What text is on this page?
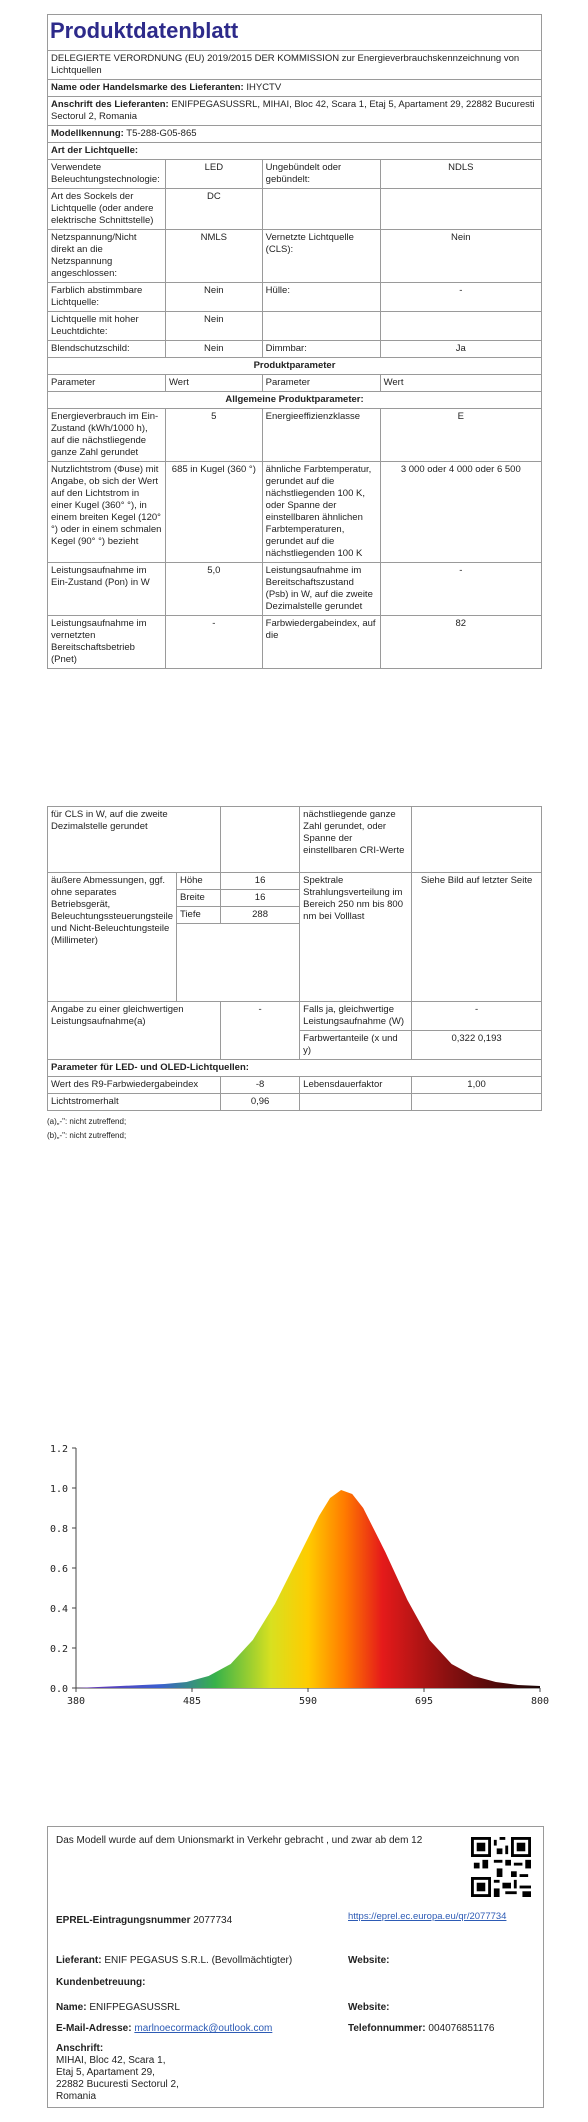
Produktdatenblatt
DELEGIERTE VERORDNUNG (EU) 2019/2015 DER KOMMISSION zur Energieverbrauchskennzeichnung von Lichtquellen
Name oder Handelsmarke des Lieferanten: IHYCTV			
Anschrift des Lieferanten: ENIFPEGASUSSRL, MIHAI, Bloc 42, Scara 1, Etaj 5, Apartament 29, 22882 Bucuresti Sectorul 2, Romania			
Modellkennung: T5-288-G05-865			
Art der Lichtquelle:			
Verwendete Beleuchtungstechnologie:	LED	Ungebündelt oder gebündelt:	NDLS
Art des Sockels der Lichtquelle (oder andere elektrische Schnittstelle)	DC		
Netzspannung/Nicht direkt an die Netzspannung angeschlossen:	NMLS	Vernetzte Lichtquelle (CLS):	Nein
Farblich abstimmbare Lichtquelle:	Nein	Hülle:	-
Lichtquelle mit hoher Leuchtdichte:	Nein		
Blendschutzschild:	Nein	Dimmbar:	Ja
Produktparameter			
Parameter	Wert	Parameter	Wert
Allgemeine Produktparameter:			
Energieverbrauch im Ein-Zustand (kWh/1000 h), auf die nächstliegende ganze Zahl gerundet	5	Energieeffizienzklasse	E
Nutzlichtstrom (Φuse) mit Angabe, ob sich der Wert auf den Lichtstrom in einer Kugel (360° °), in einem breiten Kegel (120° °) oder in einem schmalen Kegel (90° °) bezieht	685 in Kugel (360 °)	ähnliche Farbtemperatur, gerundet auf die nächstliegenden 100 K, oder Spanne der einstellbaren ähnlichen Farbtemperaturen, gerundet auf die nächstliegenden 100 K	3 000 oder 4 000 oder 6 500
Leistungsaufnahme im Ein-Zustand (Pon) in W	5,0	Leistungsaufnahme im Bereitschaftszustand (Psb) in W, auf die zweite Dezimalstelle gerundet	-
Leistungsaufnahme im vernetzten Bereitschaftsbetrieb (Pnet)	-	Farbwiedergabeindex, auf die	82
für CLS in W, auf die zweite Dezimalstelle gerundet			nächstliegende ganze Zahl gerundet, oder Spanne der einstellbaren CRI-Werte	
äußere Abmessungen, ggf. ohne separates Betriebsgerät, Beleuchtungssteuerungsteile und Nicht-Beleuchtungsteile (Millimeter)	Höhe	16	Spektrale Strahlungsverteilung im Bereich 250 nm bis 800 nm bei Volllast	Siehe Bild auf letzter Seite
	Breite	16		
	Tiefe	288		

Angabe zu einer gleichwertigen Leistungsaufnahme(a)		-	Falls ja, gleichwertige Leistungsaufnahme (W)	-
			Farbwertanteile (x und y)	0,322 0,193
Parameter für LED- und OLED-Lichtquellen:				
Wert des R9-Farbwiedergabeindex		-8	Lebensdauerfaktor	1,00
Lichtstromerhalt		0,96		
(a)„-": nicht zutreffend;
(b)„-": nicht zutreffend;
380	485	590	695	800
0.0
0.2
0.4
0.6
0.8
1.0
1.2
Das Modell wurde auf dem Unionsmarkt in Verkehr gebracht , und zwar ab dem 12
EPREL-Eintragungsnummer 2077734	https://eprel.ec.europa.eu/qr/2077734
Lieferant: ENIF PEGASUS S.R.L. (Bevollmächtigter)	Website:
Kundenbetreuung:
Name: ENIFPEGASUSSRL	Website:
E-Mail-Adresse: marlnoecormack@outlook.com	Telefonnummer: 004076851176
Anschrift:
MIHAI, Bloc 42, Scara 1,
Etaj 5, Apartament 29,
22882 Bucuresti Sectorul 2,
Romania
